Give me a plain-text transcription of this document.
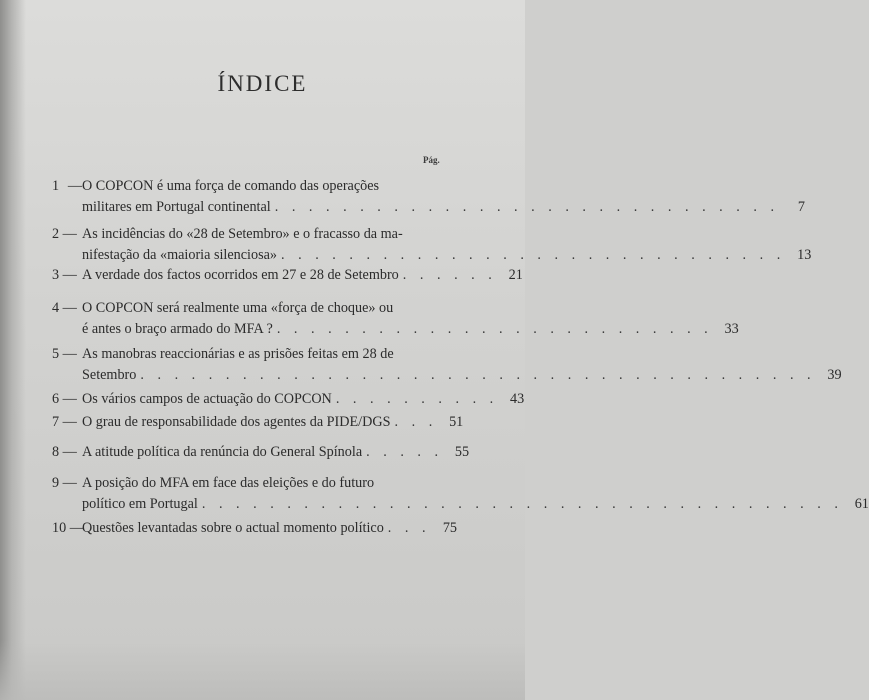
ÍNDICE
Pág.
1 — O COPCON é uma força de comando das operações
militares em Portugal continental . . . . . . . . . . . . . . . . . . . . . . . . . . . . . .	7
2 — As incidências do «28 de Setembro» e o fracasso da ma-
nifestação da «maioria silenciosa» . . . . . . . . . . . . . . . . . . . . . . . . . . . . . . 13
3 — A verdade dos factos ocorridos em 27 e 28 de Setembro . . . . . . 21
4 — O COPCON será realmente uma «força de choque» ou
é antes o braço armado do MFA ? . . . . . . . . . . . . . . . . . . . . . . . . . . 33
5 — As manobras reaccionárias e as prisões feitas em 28 de
Setembro . . . . . . . . . . . . . . . . . . . . . . . . . . . . . . . . . . . . . . . . 39
6 — Os vários campos de actuação do COPCON . . . . . . . . . . 43
7 — O grau de responsabilidade dos agentes da PIDE/DGS . . . 51
8 — A atitude política da renúncia do General Spínola . . . . . 55
9 — A posição do MFA em face das eleições e do futuro
político em Portugal . . . . . . . . . . . . . . . . . . . . . . . . . . . . . . . . . . . . . . 61
10 —
Questões levantadas sobre o actual momento político . . . 75
